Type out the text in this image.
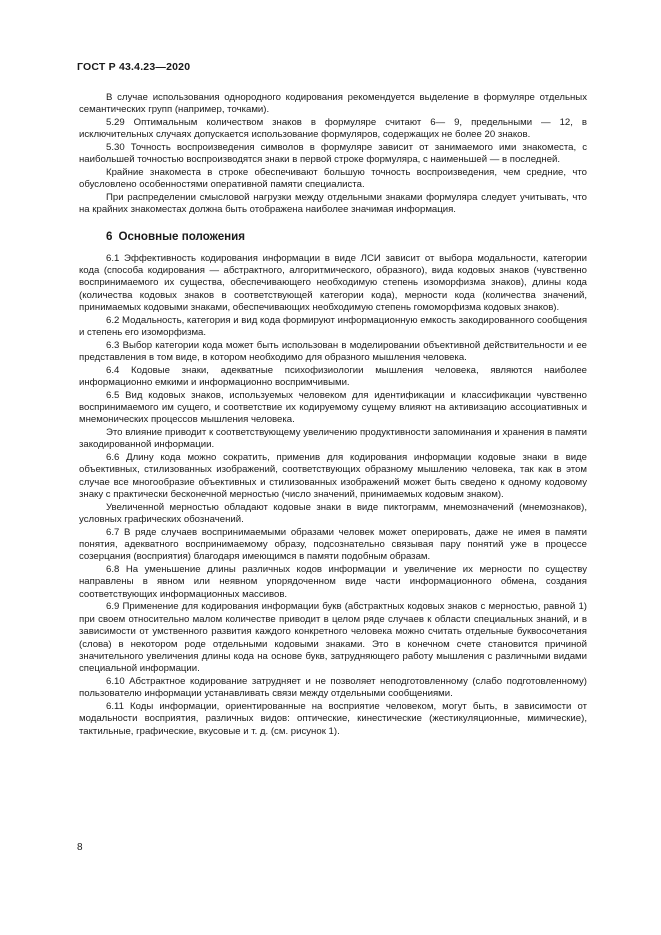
ГОСТ Р 43.4.23—2020

В случае использования однородного кодирования рекомендуется выделение в формуляре отдельных семантических групп (например, точками).

5.29 Оптимальным количеством знаков в формуляре считают 6— 9, предельными — 12, в исключительных случаях допускается использование формуляров, содержащих не более 20 знаков.

5.30 Точность воспроизведения символов в формуляре зависит от занимаемого ими знакоместа, с наибольшей точностью воспроизводятся знаки в первой строке формуляра, с наименьшей — в последней.

Крайние знакоместа в строке обеспечивают большую точность воспроизведения, чем средние, что обусловлено особенностями оперативной памяти специалиста.

При распределении смысловой нагрузки между отдельными знаками формуляра следует учитывать, что на крайних знакоместах должна быть отображена наиболее значимая информация.

6 Основные положения

6.1 Эффективность кодирования информации в виде ЛСИ зависит от выбора модальности, категории кода (способа кодирования — абстрактного, алгоритмического, образного), вида кодовых знаков (чувственно воспринимаемого их существа, обеспечивающего необходимую степень изоморфизма знаков), длины кода (количества кодовых знаков в соответствующей категории кода), мерности кода (количества значений, принимаемых кодовыми знаками, обеспечивающих необходимую степень гомоморфизма кодовых знаков).

6.2 Модальность, категория и вид кода формируют информационную емкость закодированного сообщения и степень его изоморфизма.

6.3 Выбор категории кода может быть использован в моделировании объективной действительности и ее представления в том виде, в котором необходимо для образного мышления человека.

6.4 Кодовые знаки, адекватные психофизиологии мышления человека, являются наиболее информационно емкими и информационно воспримчивыми.

6.5 Вид кодовых знаков, используемых человеком для идентификации и классификации чувственно воспринимаемого им сущего, и соответствие их кодируемому сущему влияют на активизацию ассоциативных и мнемонических процессов мышления человека.

Это влияние приводит к соответствующему увеличению продуктивности запоминания и хранения в памяти закодированной информации.

6.6 Длину кода можно сократить, применив для кодирования информации кодовые знаки в виде объективных, стилизованных изображений, соответствующих образному мышлению человека, так как в этом случае все многообразие объективных и стилизованных изображений может быть сведено к одному кодовому знаку с практически бесконечной мерностью (число значений, принимаемых кодовым знаком).

Увеличенной мерностью обладают кодовые знаки в виде пиктограмм, мнемозначений (мнемознаков), условных графических обозначений.

6.7 В ряде случаев воспринимаемыми образами человек может оперировать, даже не имея в памяти понятия, адекватного воспринимаемому образу, подсознательно связывая пару понятий уже в процессе созерцания (восприятия) благодаря имеющимся в памяти подобным образам.

6.8 На уменьшение длины различных кодов информации и увеличение их мерности по существу направлены в явном или неявном упорядоченном виде части информационного обмена, создания соответствующих информационных массивов.

6.9 Применение для кодирования информации букв (абстрактных кодовых знаков с мерностью, равной 1) при своем относительно малом количестве приводит в целом ряде случаев к области специальных знаний, и в зависимости от умственного развития каждого конкретного человека можно считать отдельные буквосочетания (слова) в некотором роде отдельными кодовыми знаками. Это в конечном счете становится причиной значительного увеличения длины кода на основе букв, затрудняющего работу мышления с различными видами специальной информации.

6.10 Абстрактное кодирование затрудняет и не позволяет неподготовленному (слабо подготовленному) пользователю информации устанавливать связи между отдельными сообщениями.

6.11 Коды информации, ориентированные на восприятие человеком, могут быть, в зависимости от модальности восприятия, различных видов: оптические, кинестические (жестикуляционные, мимические), тактильные, графические, вкусовые и т. д. (см. рисунок 1).

8
